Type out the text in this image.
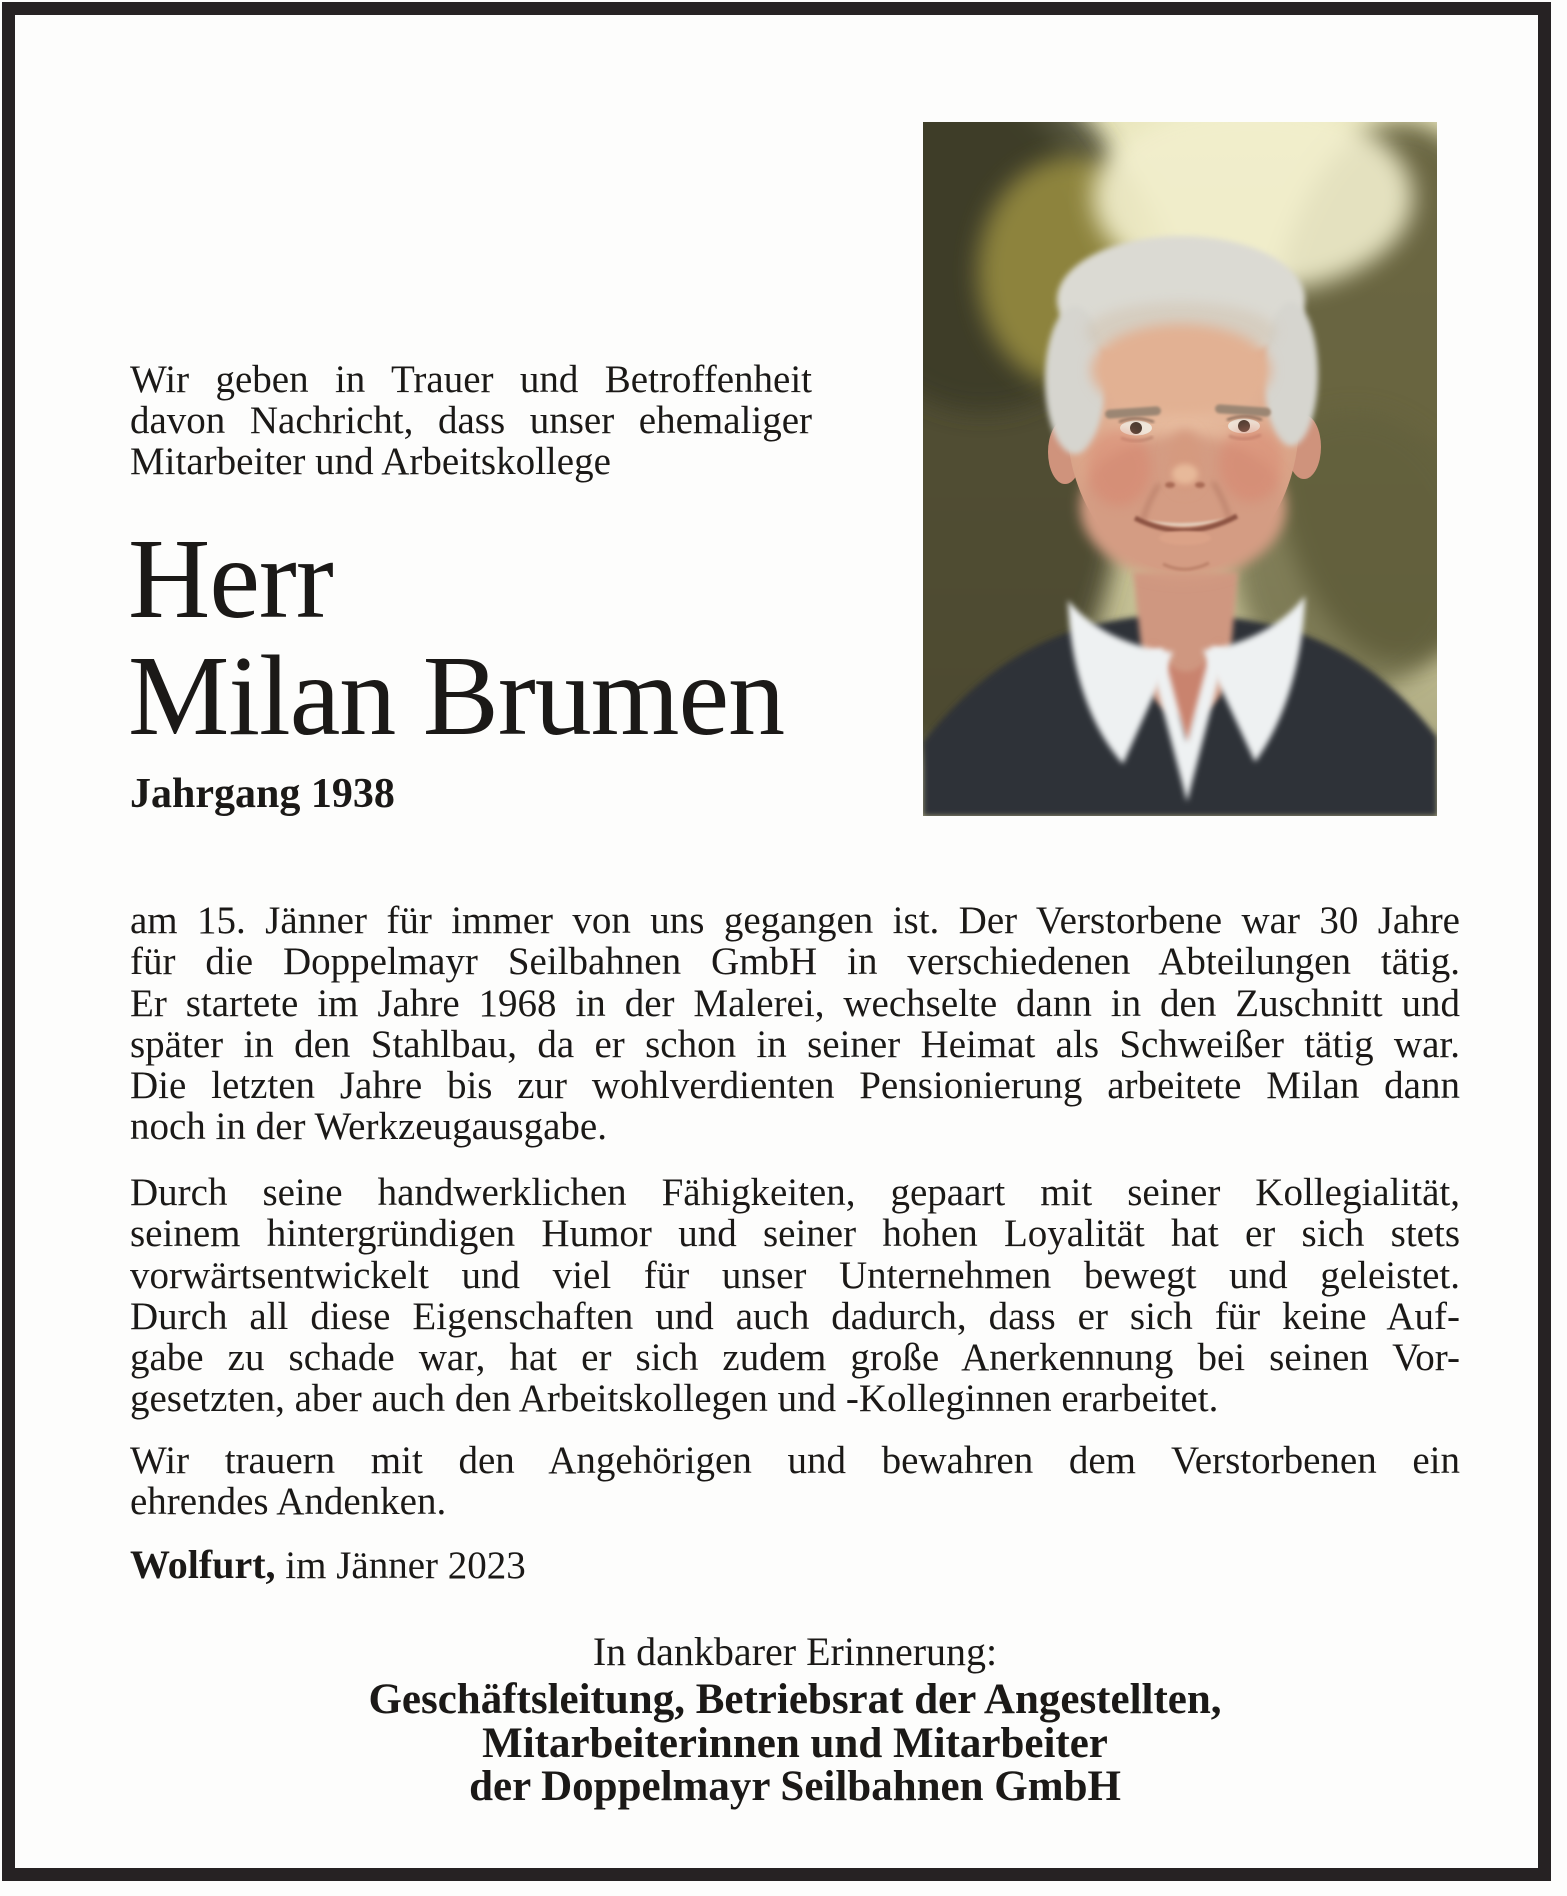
Wir geben in Trauer und Betroffenheit
davon Nachricht, dass unser ehemaliger
Mitarbeiter und Arbeitskollege
Herr
Milan Brumen
Jahrgang 1938
am 15. Jänner für immer von uns gegangen ist. Der Verstorbene war 30 Jahre
für die Doppelmayr Seilbahnen GmbH in verschiedenen Abteilungen tätig.
Er startete im Jahre 1968 in der Malerei, wechselte dann in den Zuschnitt und
später in den Stahlbau, da er schon in seiner Heimat als Schweißer tätig war.
Die letzten Jahre bis zur wohlverdienten Pensionierung arbeitete Milan dann
noch in der Werkzeugausgabe.
Durch seine handwerklichen Fähigkeiten, gepaart mit seiner Kollegialität,
seinem hintergründigen Humor und seiner hohen Loyalität hat er sich stets
vorwärtsentwickelt und viel für unser Unternehmen bewegt und geleistet.
Durch all diese Eigenschaften und auch dadurch, dass er sich für keine Auf-
gabe zu schade war, hat er sich zudem große Anerkennung bei seinen Vor-
gesetzten, aber auch den Arbeitskollegen und -Kolleginnen erarbeitet.
Wir trauern mit den Angehörigen und bewahren dem Verstorbenen ein
ehrendes Andenken.
Wolfurt, im Jänner 2023
In dankbarer Erinnerung:
Geschäftsleitung, Betriebsrat der Angestellten,
Mitarbeiterinnen und Mitarbeiter
der Doppelmayr Seilbahnen GmbH
